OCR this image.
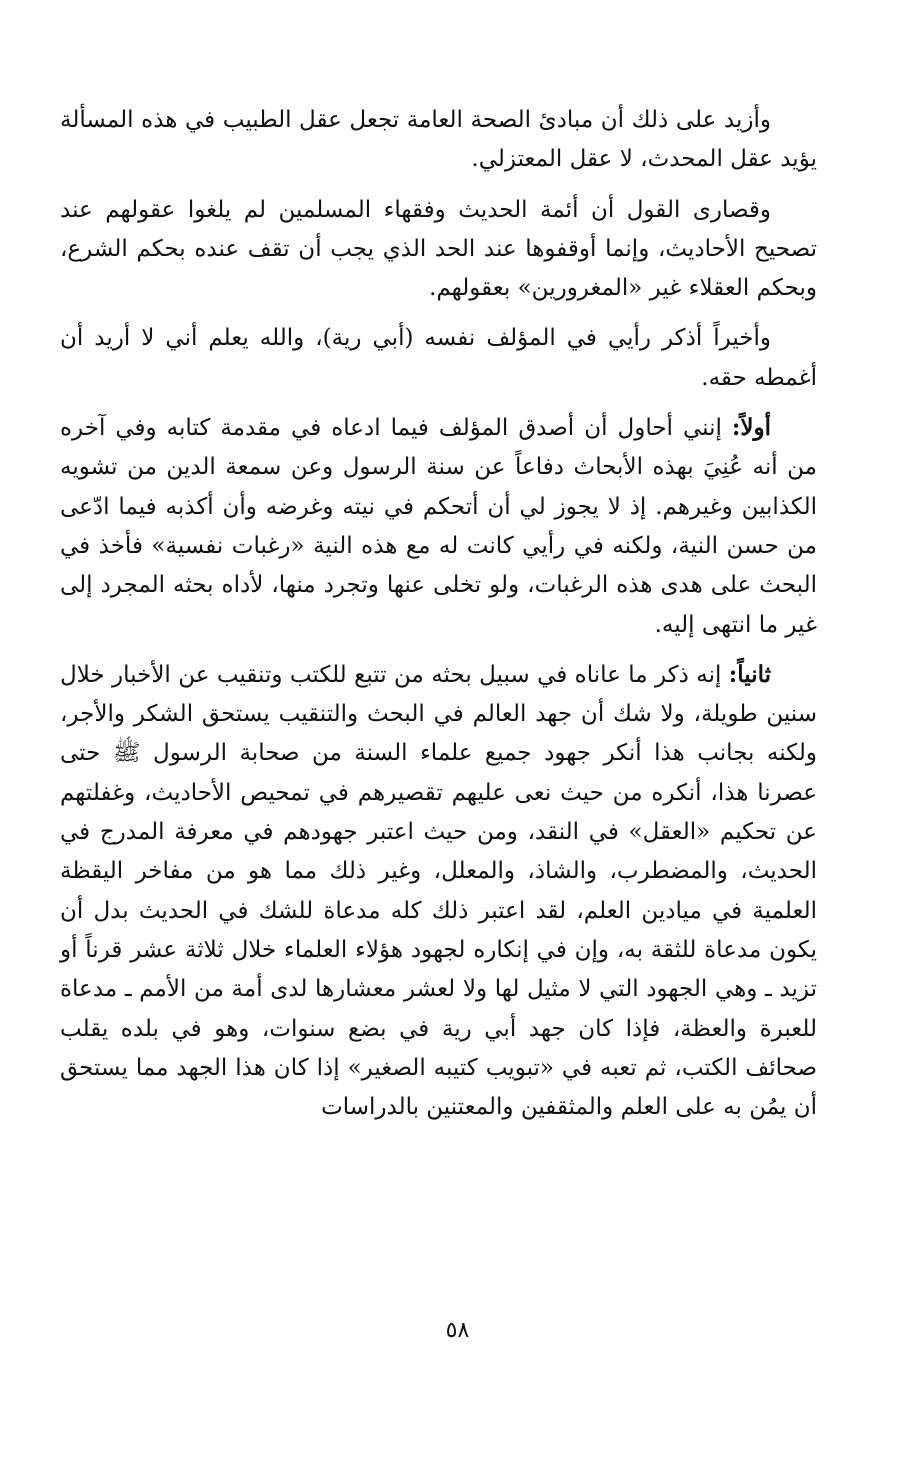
وأزيد على ذلك أن مبادئ الصحة العامة تجعل عقل الطبيب في هذه المسألة يؤيد عقل المحدث، لا عقل المعتزلي.

وقصارى القول أن أئمة الحديث وفقهاء المسلمين لم يلغوا عقولهم عند تصحيح الأحاديث، وإنما أوقفوها عند الحد الذي يجب أن تقف عنده بحكم الشرع، وبحكم العقلاء غير «المغرورين» بعقولهم.

وأخيراً أذكر رأيي في المؤلف نفسه (أبي رية)، والله يعلم أني لا أريد أن أغمطه حقه.

أولاً: إنني أحاول أن أصدق المؤلف فيما ادعاه في مقدمة كتابه وفي آخره من أنه عُنِيَ بهذه الأبحاث دفاعاً عن سنة الرسول وعن سمعة الدين من تشويه الكذابين وغيرهم. إذ لا يجوز لي أن أتحكم في نيته وغرضه وأن أكذبه فيما ادّعى من حسن النية، ولكنه في رأيي كانت له مع هذه النية «رغبات نفسية» فأخذ في البحث على هدى هذه الرغبات، ولو تخلى عنها وتجرد منها، لأداه بحثه المجرد إلى غير ما انتهى إليه.

ثانياً: إنه ذكر ما عاناه في سبيل بحثه من تتبع للكتب وتنقيب عن الأخبار خلال سنين طويلة، ولا شك أن جهد العالم في البحث والتنقيب يستحق الشكر والأجر، ولكنه بجانب هذا أنكر جهود جميع علماء السنة من صحابة الرسول ﷺ حتى عصرنا هذا، أنكره من حيث نعى عليهم تقصيرهم في تمحيص الأحاديث، وغفلتهم عن تحكيم «العقل» في النقد، ومن حيث اعتبر جهودهم في معرفة المدرج في الحديث، والمضطرب، والشاذ، والمعلل، وغير ذلك مما هو من مفاخر اليقظة العلمية في ميادين العلم، لقد اعتبر ذلك كله مدعاة للشك في الحديث بدل أن يكون مدعاة للثقة به، وإن في إنكاره لجهود هؤلاء العلماء خلال ثلاثة عشر قرناً أو تزيد ـ وهي الجهود التي لا مثيل لها ولا لعشر معشارها لدى أمة من الأمم ـ مدعاة للعبرة والعظة، فإذا كان جهد أبي رية في بضع سنوات، وهو في بلده يقلب صحائف الكتب، ثم تعبه في «تبويب كتيبه الصغير» إذا كان هذا الجهد مما يستحق أن يمُن به على العلم والمثقفين والمعتنين بالدراسات

٥٨
